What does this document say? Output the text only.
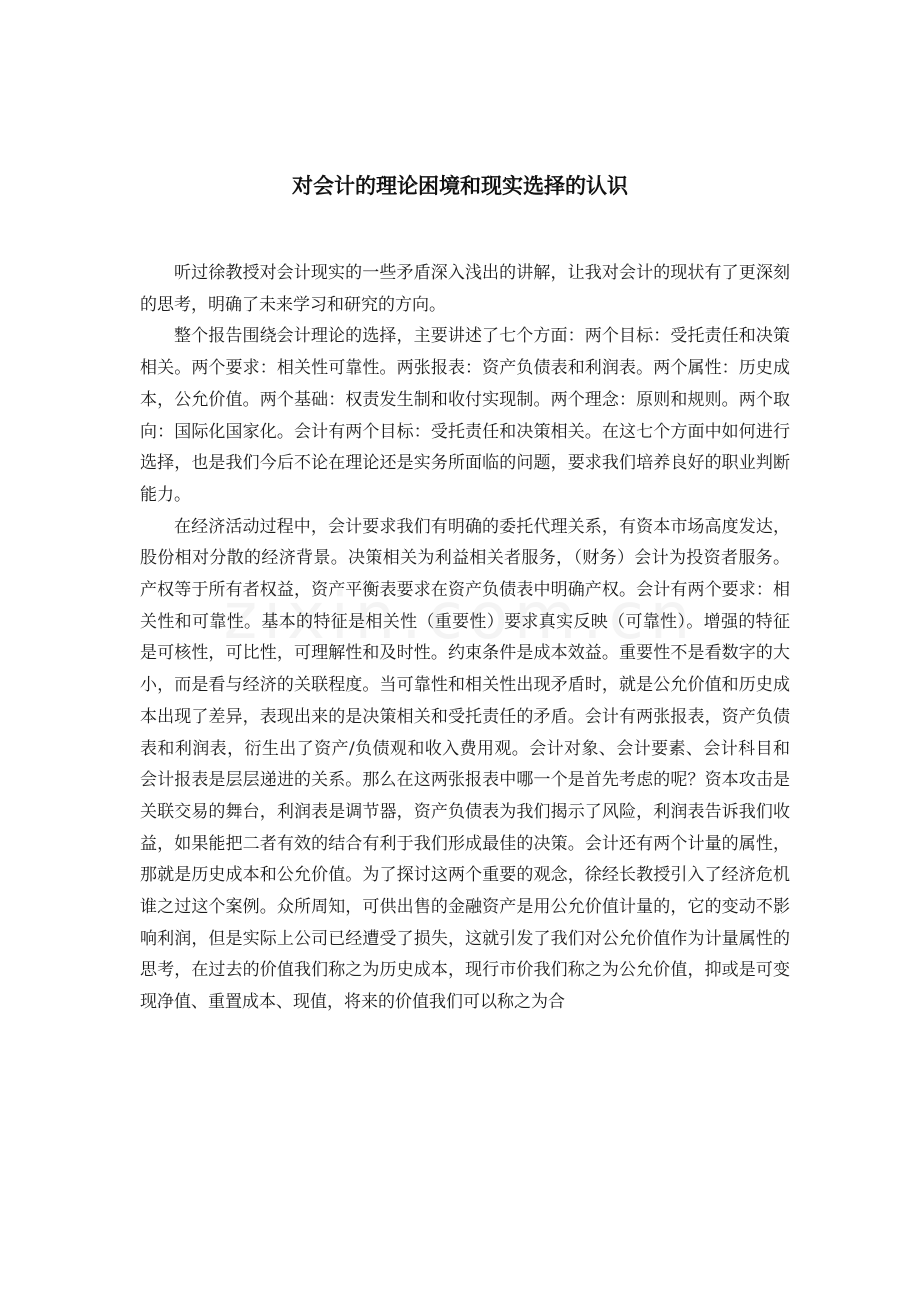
对会计的理论困境和现实选择的认识

听过徐教授对会计现实的一些矛盾深入浅出的讲解，让我对会计的现状有了更深刻的思考，明确了未来学习和研究的方向。

整个报告围绕会计理论的选择，主要讲述了七个方面：两个目标：受托责任和决策相关。两个要求：相关性可靠性。两张报表：资产负债表和利润表。两个属性：历史成本，公允价值。两个基础：权责发生制和收付实现制。两个理念：原则和规则。两个取向：国际化国家化。会计有两个目标：受托责任和决策相关。在这七个方面中如何进行选择，也是我们今后不论在理论还是实务所面临的问题，要求我们培养良好的职业判断能力。

在经济活动过程中，会计要求我们有明确的委托代理关系，有资本市场高度发达，股份相对分散的经济背景。决策相关为利益相关者服务，（财务）会计为投资者服务。产权等于所有者权益，资产平衡表要求在资产负债表中明确产权。会计有两个要求：相关性和可靠性。基本的特征是相关性（重要性）要求真实反映（可靠性）。增强的特征是可核性，可比性，可理解性和及时性。约束条件是成本效益。重要性不是看数字的大小，而是看与经济的关联程度。当可靠性和相关性出现矛盾时，就是公允价值和历史成本出现了差异，表现出来的是决策相关和受托责任的矛盾。会计有两张报表，资产负债表和利润表，衍生出了资产/负债观和收入费用观。会计对象、会计要素、会计科目和会计报表是层层递进的关系。那么在这两张报表中哪一个是首先考虑的呢？资本攻击是关联交易的舞台，利润表是调节器，资产负债表为我们揭示了风险，利润表告诉我们收益，如果能把二者有效的结合有利于我们形成最佳的决策。会计还有两个计量的属性，那就是历史成本和公允价值。为了探讨这两个重要的观念，徐经长教授引入了经济危机谁之过这个案例。众所周知，可供出售的金融资产是用公允价值计量的，它的变动不影响利润，但是实际上公司已经遭受了损失，这就引发了我们对公允价值作为计量属性的思考，在过去的价值我们称之为历史成本，现行市价我们称之为公允价值，抑或是可变现净值、重置成本、现值，将来的价值我们可以称之为合
